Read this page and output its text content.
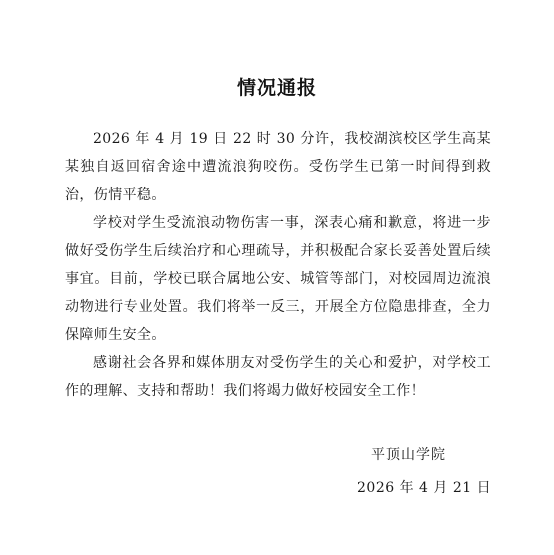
情况通报

2026 年 4 月 19 日 22 时 30 分许，我校湖滨校区学生高某某独自返回宿舍途中遭流浪狗咬伤。受伤学生已第一时间得到救治，伤情平稳。

学校对学生受流浪动物伤害一事，深表心痛和歉意，将进一步做好受伤学生后续治疗和心理疏导，并积极配合家长妥善处置后续事宜。目前，学校已联合属地公安、城管等部门，对校园周边流浪动物进行专业处置。我们将举一反三，开展全方位隐患排查，全力保障师生安全。

感谢社会各界和媒体朋友对受伤学生的关心和爱护，对学校工作的理解、支持和帮助！我们将竭力做好校园安全工作！

平顶山学院
2026 年 4 月 21 日
